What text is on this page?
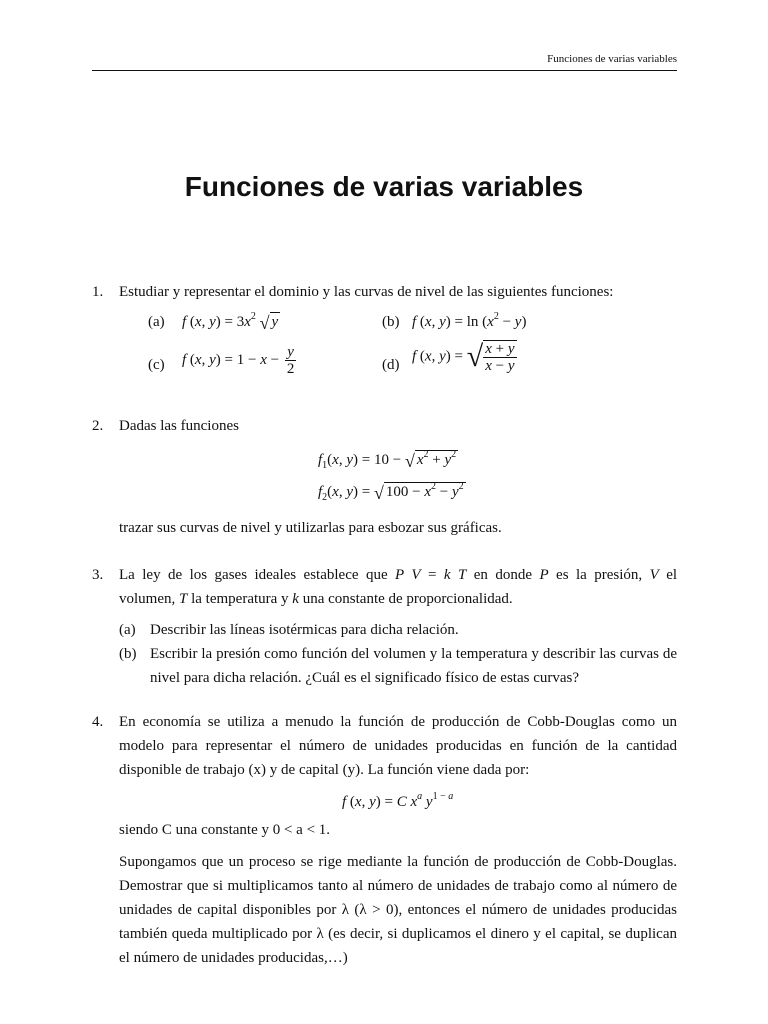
Funciones de varias variables
Funciones de varias variables
1. Estudiar y representar el dominio y las curvas de nivel de las siguientes funciones:
(a) f (x, $y) = 3x^2$ √ y	(b) f (x, $y) = \ln (x^2 - y)$
(c) f (x, $y) = 1 - x - \frac{y}{2}$	(d)
f (x, y) = √ $\frac{x + y}{x - y}$
2. Dadas las funciones
$f_1(x$, y) = 10 − √ $x^2 + y^2$
$f_2(x$, y) = √ $100 - x^2 - y^2$
trazar sus curvas de nivel y utilizarlas para esbozar sus gráficas.
3. La ley de los gases ideales establece que P V = k T en donde P es la presión, V el
volumen, T la temperatura y k una constante de proporcionalidad.
(a) Describir las líneas isotérmicas para dicha relación.
(b) Escribir la presión como función del volumen y la temperatura y describir las curvas de nivel para dicha relación. ¿Cuál es el significado físico de estas curvas?
4. En economía se utiliza a menudo la función de producción de Cobb-Douglas como un modelo para representar el número de unidades producidas en función de la cantidad disponible de trabajo (x) y de capital (y). La función viene dada por:
f (x, y) = C $x^a$ $y^{1 - a}$
siendo C una constante y 0 < a < 1.
Supongamos que un proceso se rige mediante la función de producción de Cobb-Douglas. Demostrar que si multiplicamos tanto al número de unidades de trabajo como al número de unidades de capital disponibles por λ (λ > 0), entonces el número de unidades producidas también queda multiplicado por λ (es decir, si duplicamos el dinero y el capital, se duplican el número de unidades producidas,…)
